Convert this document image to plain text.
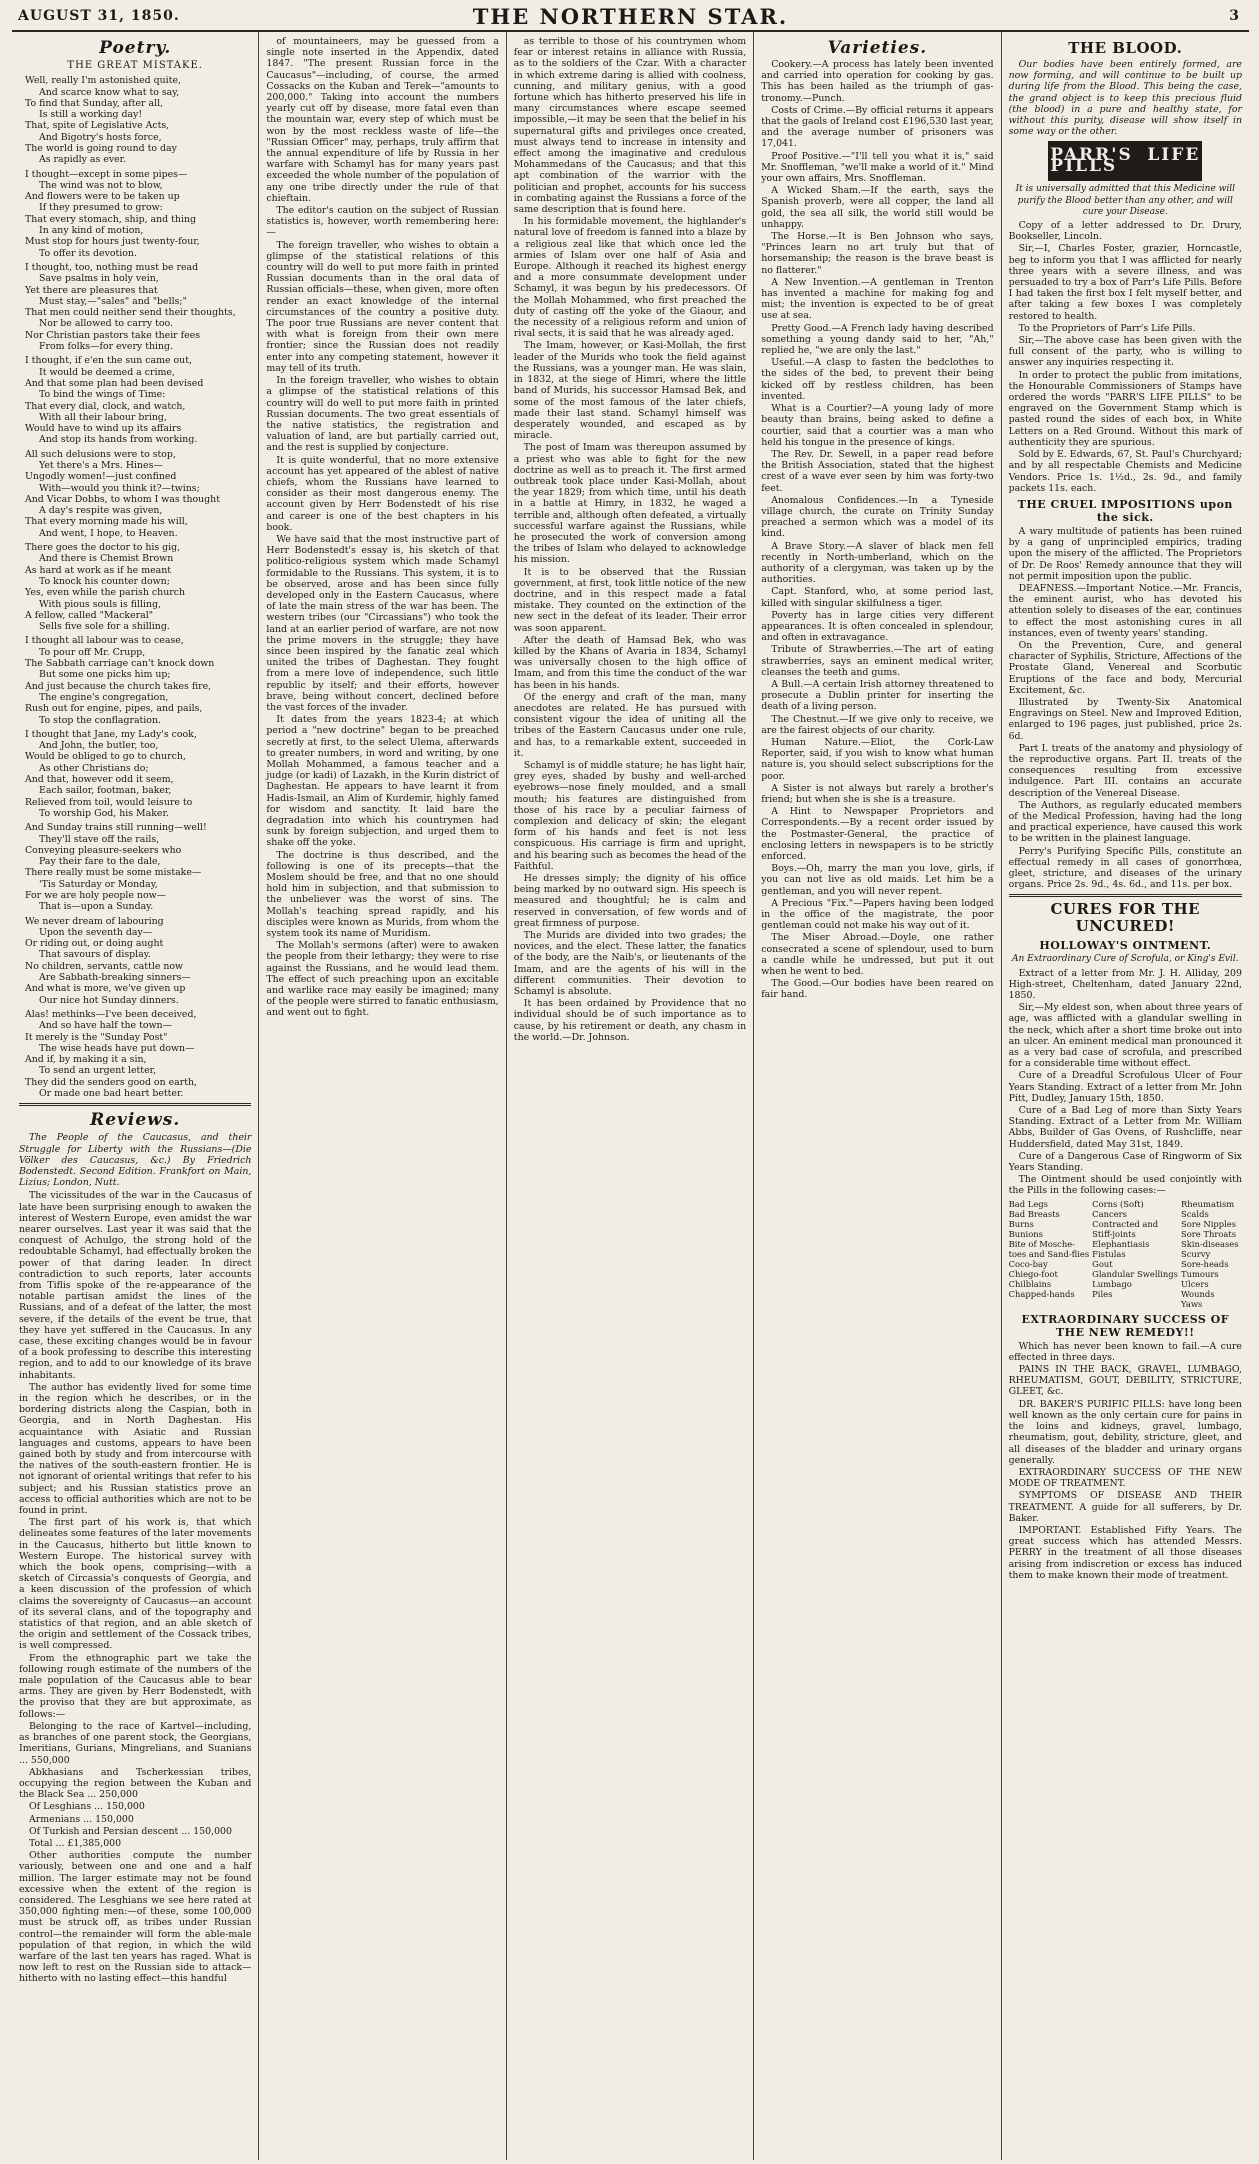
AUGUST 31, 1850.	THE NORTHERN STAR.	3
Poetry.
THE GREAT MISTAKE.
Well, really I'm astonished quite,
And scarce know what to say,
To find that Sunday, after all,
Is still a working day!
That, spite of Legislative Acts,
And Bigotry's hosts force,
The world is going round to day
As rapidly as ever.
I thought—except in some pipes—
The wind was not to blow,
And flowers were to be taken up
If they presumed to grow:
That every stomach, ship, and thing
In any kind of motion,
Must stop for hours just twenty-four,
To offer its devotion.
I thought, too, nothing must be read
Save psalms in holy vein,
Yet there are pleasures that
Must stay,—"sales" and "bells;"
That men could neither send their thoughts,
Nor be allowed to carry too.
Nor Christian pastors take their fees
From folks—for every thing.
I thought, if e'en the sun came out,
It would be deemed a crime,
And that some plan had been devised
To bind the wings of Time:
That every dial, clock, and watch,
With all their labour bring,
Would have to wind up its affairs
And stop its hands from working.
All such delusions were to stop,
Yet there's a Mrs. Hines—
Ungodly women!—just confined
With—would you think it?—twins;
And Vicar Dobbs, to whom I was thought
A day's respite was given,
That every morning made his will,
And went, I hope, to Heaven.
There goes the doctor to his gig,
And there is Chemist Brown
As hard at work as if he meant
To knock his counter down;
Yes, even while the parish church
With pious souls is filling,
A fellow, called "Mackeral"
Sells five sole for a shilling.
I thought all labour was to cease,
To pour off Mr. Crupp,
The Sabbath carriage can't knock down
But some one picks him up;
And just because the church takes fire,
The engine's congregation,
Rush out for engine, pipes, and pails,
To stop the conflagration.
I thought that Jane, my Lady's cook,
And John, the butler, too,
Would be obliged to go to church,
As other Christians do;
And that, however odd it seem,
Each sailor, footman, baker,
Relieved from toil, would leisure to
To worship God, his Maker.
And Sunday trains still running—well!
They'll stave off the rails,
Conveying pleasure-seekers who
Pay their fare to the dale,
There really must be some mistake—
'Tis Saturday or Monday,
For we are holy people now—
That is—upon a Sunday.
We never dream of labouring
Upon the seventh day—
Or riding out, or doing aught
That savours of display.
No children, servants, cattle now
Are Sabbath-breaking sinners—
And what is more, we've given up
Our nice hot Sunday dinners.
Alas! methinks—I've been deceived,
And so have half the town—
It merely is the "Sunday Post"
The wise heads have put down—
And if, by making it a sin,
To send an urgent letter,
They did the senders good on earth,
Or made one bad heart better.
Reviews.

The People of the Caucasus, and their Struggle for Liberty with the Russians—(Die Völker des Caucasus, &c.) By Friedrich Bodenstedt. Second Edition. Frankfort on Main, Lizius; London, Nutt.

The vicissitudes of the war in the Caucasus of late have been surprising enough to awaken the interest of Western Europe, even amidst the war nearer ourselves. Last year it was said that the conquest of Achulgo, the strong hold of the redoubtable Schamyl, had effectually broken the power of that daring leader. In direct contradiction to such reports, later accounts from Tiflis spoke of the re-appearance of the notable partisan amidst the lines of the Russians, and of a defeat of the latter, the most severe, if the details of the event be true, that they have yet suffered in the Caucasus. In any case, these exciting changes would be in favour of a book professing to describe this interesting region, and to add to our knowledge of its brave inhabitants.

The author has evidently lived for some time in the region which he describes, or in the bordering districts along the Caspian, both in Georgia, and in North Daghestan. His acquaintance with Asiatic and Russian languages and customs, appears to have been gained both by study and from intercourse with the natives of the south-eastern frontier. He is not ignorant of oriental writings that refer to his subject; and his Russian statistics prove an access to official authorities which are not to be found in print.

The first part of his work is, that which delineates some features of the later movements in the Caucasus, hitherto but little known to Western Europe. The historical survey with which the book opens, comprising—with a sketch of Circassia's conquests of Georgia, and a keen discussion of the profession of which claims the sovereignty of Caucasus—an account of its several clans, and of the topography and statistics of that region, and an able sketch of the origin and settlement of the Cossack tribes, is well compressed.

From the ethnographic part we take the following rough estimate of the numbers of the male population of the Caucasus able to bear arms. They are given by Herr Bodenstedt, with the proviso that they are but approximate, as follows:—

Belonging to the race of Kartvel—including, as branches of one parent stock, the Georgians, Imeritians, Gurians, Mingrelians, and Suanians ... 550,000

Abkhasians and Tscherkessian tribes, occupying the region between the Kuban and the Black Sea ... 250,000

Of Lesghians ... 150,000

Armenians ... 150,000

Of Turkish and Persian descent ... 150,000

Total ... £1,385,000

Other authorities compute the number variously, between one and one and a half million. The larger estimate may not be found excessive when the extent of the region is considered. The Lesghians we see here rated at 350,000 fighting men:—of these, some 100,000 must be struck off, as tribes under Russian control—the remainder will form the able-male population of that region, in which the wild warfare of the last ten years has raged. What is now left to rest on the Russian side to attack—hitherto with no lasting effect—this handful

of mountaineers, may be guessed from a single note inserted in the Appendix, dated 1847. "The present Russian force in the Caucasus"—including, of course, the armed Cossacks on the Kuban and Terek—"amounts to 200,000." Taking into account the numbers yearly cut off by disease, more fatal even than the mountain war, every step of which must be won by the most reckless waste of life—the "Russian Officer" may, perhaps, truly affirm that the annual expenditure of life by Russia in her warfare with Schamyl has for many years past exceeded the whole number of the population of any one tribe directly under the rule of that chieftain.

The editor's caution on the subject of Russian statistics is, however, worth remembering here:—

The foreign traveller, who wishes to obtain a glimpse of the statistical relations of this country will do well to put more faith in printed Russian documents than in the oral data of Russian officials—these, when given, more often render an exact knowledge of the internal circumstances of the country a positive duty. The poor true Russians are never content that with what is foreign from their own mere frontier; since the Russian does not readily enter into any competing statement, however it may tell of its truth.

In the foreign traveller, who wishes to obtain a glimpse of the statistical relations of this country will do well to put more faith in printed Russian documents. The two great essentials of the native statistics, the registration and valuation of land, are but partially carried out, and the rest is supplied by conjecture.

It is quite wonderful, that no more extensive account has yet appeared of the ablest of native chiefs, whom the Russians have learned to consider as their most dangerous enemy. The account given by Herr Bodenstedt of his rise and career is one of the best chapters in his book.

We have said that the most instructive part of Herr Bodenstedt's essay is, his sketch of that politico-religious system which made Schamyl formidable to the Russians. This system, it is to be observed, arose and has been since fully developed only in the Eastern Caucasus, where of late the main stress of the war has been. The western tribes (our "Circassians") who took the land at an earlier period of warfare, are not now the prime movers in the struggle; they have since been inspired by the fanatic zeal which united the tribes of Daghestan. They fought from a mere love of independence, such little republic by itself; and their efforts, however brave, being without concert, declined before the vast forces of the invader.

It dates from the years 1823-4; at which period a "new doctrine" began to be preached secretly at first, to the select Ulema, afterwards to greater numbers, in word and writing, by one Mollah Mohammed, a famous teacher and a judge (or kadi) of Lazakh, in the Kurin district of Daghestan. He appears to have learnt it from Hadis-Ismail, an Alim of Kurdemir, highly famed for wisdom and sanctity. It laid bare the degradation into which his countrymen had sunk by foreign subjection, and urged them to shake off the yoke.

The doctrine is thus described, and the following is one of its precepts—that the Moslem should be free, and that no one should hold him in subjection, and that submission to the unbeliever was the worst of sins. The Mollah's teaching spread rapidly, and his disciples were known as Murids, from whom the system took its name of Muridism.

The Mollah's sermons (after) were to awaken the people from their lethargy; they were to rise against the Russians, and he would lead them. The effect of such preaching upon an excitable and warlike race may easily be imagined; many of the people were stirred to fanatic enthusiasm, and went out to fight.

as terrible to those of his countrymen whom fear or interest retains in alliance with Russia, as to the soldiers of the Czar. With a character in which extreme daring is allied with coolness, cunning, and military genius, with a good fortune which has hitherto preserved his life in many circumstances where escape seemed impossible,—it may be seen that the belief in his supernatural gifts and privileges once created, must always tend to increase in intensity and effect among the imaginative and credulous Mohammedans of the Caucasus; and that this apt combination of the warrior with the politician and prophet, accounts for his success in combating against the Russians a force of the same description that is found here.

In his formidable movement, the highlander's natural love of freedom is fanned into a blaze by a religious zeal like that which once led the armies of Islam over one half of Asia and Europe. Although it reached its highest energy and a more consummate development under Schamyl, it was begun by his predecessors. Of the Mollah Mohammed, who first preached the duty of casting off the yoke of the Giaour, and the necessity of a religious reform and union of rival sects, it is said that he was already aged.

The Imam, however, or Kasi-Mollah, the first leader of the Murids who took the field against the Russians, was a younger man. He was slain, in 1832, at the siege of Himri, where the little band of Murids, his successor Hamsad Bek, and some of the most famous of the later chiefs, made their last stand. Schamyl himself was desperately wounded, and escaped as by miracle.

The post of Imam was thereupon assumed by a priest who was able to fight for the new doctrine as well as to preach it. The first armed outbreak took place under Kasi-Mollah, about the year 1829; from which time, until his death in a battle at Himry, in 1832, he waged a terrible and, although often defeated, a virtually successful warfare against the Russians, while he prosecuted the work of conversion among the tribes of Islam who delayed to acknowledge his mission.

It is to be observed that the Russian government, at first, took little notice of the new doctrine, and in this respect made a fatal mistake. They counted on the extinction of the new sect in the defeat of its leader. Their error was soon apparent.

After the death of Hamsad Bek, who was killed by the Khans of Avaria in 1834, Schamyl was universally chosen to the high office of Imam, and from this time the conduct of the war has been in his hands.

Of the energy and craft of the man, many anecdotes are related. He has pursued with consistent vigour the idea of uniting all the tribes of the Eastern Caucasus under one rule, and has, to a remarkable extent, succeeded in it.

Schamyl is of middle stature; he has light hair, grey eyes, shaded by bushy and well-arched eyebrows—nose finely moulded, and a small mouth; his features are distinguished from those of his race by a peculiar fairness of complexion and delicacy of skin; the elegant form of his hands and feet is not less conspicuous. His carriage is firm and upright, and his bearing such as becomes the head of the Faithful.

He dresses simply; the dignity of his office being marked by no outward sign. His speech is measured and thoughtful; he is calm and reserved in conversation, of few words and of great firmness of purpose.

The Murids are divided into two grades; the novices, and the elect. These latter, the fanatics of the body, are the Naib's, or lieutenants of the Imam, and are the agents of his will in the different communities. Their devotion to Schamyl is absolute.

It has been ordained by Providence that no individual should be of such importance as to cause, by his retirement or death, any chasm in the world.—Dr. Johnson.

Varieties.

Cookery.—A process has lately been invented and carried into operation for cooking by gas. This has been hailed as the triumph of gas-tronomy.—Punch.

Costs of Crime.—By official returns it appears that the gaols of Ireland cost £196,530 last year, and the average number of prisoners was 17,041.

Proof Positive.—"I'll tell you what it is," said Mr. Snoffleman, "we'll make a world of it." Mind your own affairs, Mrs. Snoffleman.

A Wicked Sham.—If the earth, says the Spanish proverb, were all copper, the land all gold, the sea all silk, the world still would be unhappy.

The Horse.—It is Ben Johnson who says, "Princes learn no art truly but that of horsemanship; the reason is the brave beast is no flatterer."

A New Invention.—A gentleman in Trenton has invented a machine for making fog and mist; the invention is expected to be of great use at sea.

Pretty Good.—A French lady having described something a young dandy said to her, "Ah," replied he, "we are only the last."

Useful.—A clasp to fasten the bedclothes to the sides of the bed, to prevent their being kicked off by restless children, has been invented.

What is a Courtier?—A young lady of more beauty than brains, being asked to define a courtier, said that a courtier was a man who held his tongue in the presence of kings.

The Rev. Dr. Sewell, in a paper read before the British Association, stated that the highest crest of a wave ever seen by him was forty-two feet.

Anomalous Confidences.—In a Tyneside village church, the curate on Trinity Sunday preached a sermon which was a model of its kind.

A Brave Story.—A slaver of black men fell recently in North-umberland, which on the authority of a clergyman, was taken up by the authorities.

Capt. Stanford, who, at some period last, killed with singular skilfulness a tiger.

Poverty has in large cities very different appearances. It is often concealed in splendour, and often in extravagance.

Tribute of Strawberries.—The art of eating strawberries, says an eminent medical writer, cleanses the teeth and gums.

A Bull.—A certain Irish attorney threatened to prosecute a Dublin printer for inserting the death of a living person.

The Chestnut.—If we give only to receive, we are the fairest objects of our charity.

Human Nature.—Eliot, the Cork-Law Reporter, said, if you wish to know what human nature is, you should select subscriptions for the poor.

A Sister is not always but rarely a brother's friend; but when she is she is a treasure.

A Hint to Newspaper Proprietors and Correspondents.—By a recent order issued by the Postmaster-General, the practice of enclosing letters in newspapers is to be strictly enforced.

Boys.—Oh, marry the man you love, girls, if you can not live as old maids. Let him be a gentleman, and you will never repent.

A Precious "Fix."—Papers having been lodged in the office of the magistrate, the poor gentleman could not make his way out of it.

The Miser Abroad.—Doyle, one rather consecrated a scene of splendour, used to burn a candle while he undressed, but put it out when he went to bed.

The Good.—Our bodies have been reared on fair hand.

THE BLOOD.

Our bodies have been entirely formed, are now forming, and will continue to be built up during life from the Blood. This being the case, the grand object is to keep this precious fluid (the blood) in a pure and healthy state, for without this purity, disease will show itself in some way or the other.

PARR'S LIFE PILLS
It is universally admitted that this Medicine will purify the Blood better than any other, and will cure your Disease.

Copy of a letter addressed to Dr. Drury, Bookseller, Lincoln.

Sir,—I, Charles Foster, grazier, Horncastle, beg to inform you that I was afflicted for nearly three years with a severe illness, and was persuaded to try a box of Parr's Life Pills. Before I had taken the first box I felt myself better, and after taking a few boxes I was completely restored to health.

To the Proprietors of Parr's Life Pills.

Sir,—The above case has been given with the full consent of the party, who is willing to answer any inquiries respecting it.

In order to protect the public from imitations, the Honourable Commissioners of Stamps have ordered the words "PARR'S LIFE PILLS" to be engraved on the Government Stamp which is pasted round the sides of each box, in White Letters on a Red Ground. Without this mark of authenticity they are spurious.

Sold by E. Edwards, 67, St. Paul's Churchyard; and by all respectable Chemists and Medicine Vendors. Price 1s. 1½d., 2s. 9d., and family packets 11s. each.

THE CRUEL IMPOSITIONS upon the sick.

A wary multitude of patients has been ruined by a gang of unprincipled empirics, trading upon the misery of the afflicted. The Proprietors of Dr. De Roos' Remedy announce that they will not permit imposition upon the public.

DEAFNESS.—Important Notice.—Mr. Francis, the eminent aurist, who has devoted his attention solely to diseases of the ear, continues to effect the most astonishing cures in all instances, even of twenty years' standing.

On the Prevention, Cure, and general character of Syphilis, Stricture, Affections of the Prostate Gland, Venereal and Scorbutic Eruptions of the face and body, Mercurial Excitement, &c.

Illustrated by Twenty-Six Anatomical Engravings on Steel. New and Improved Edition, enlarged to 196 pages, just published, price 2s. 6d.

Part I. treats of the anatomy and physiology of the reproductive organs. Part II. treats of the consequences resulting from excessive indulgence. Part III. contains an accurate description of the Venereal Disease.

The Authors, as regularly educated members of the Medical Profession, having had the long and practical experience, have caused this work to be written in the plainest language.

Perry's Purifying Specific Pills, constitute an effectual remedy in all cases of gonorrhœa, gleet, stricture, and diseases of the urinary organs. Price 2s. 9d., 4s. 6d., and 11s. per box.

CURES FOR THE UNCURED!
HOLLOWAY'S OINTMENT.
An Extraordinary Cure of Scrofula, or King's Evil.

Extract of a letter from Mr. J. H. Alliday, 209 High-street, Cheltenham, dated January 22nd, 1850.

Sir,—My eldest son, when about three years of age, was afflicted with a glandular swelling in the neck, which after a short time broke out into an ulcer. An eminent medical man pronounced it as a very bad case of scrofula, and prescribed for a considerable time without effect.

Cure of a Dreadful Scrofulous Ulcer of Four Years Standing. Extract of a letter from Mr. John Pitt, Dudley, January 15th, 1850.

Cure of a Bad Leg of more than Sixty Years Standing. Extract of a Letter from Mr. William Abbs, Builder of Gas Ovens, of Rushcliffe, near Huddersfield, dated May 31st, 1849.

Cure of a Dangerous Case of Ringworm of Six Years Standing.

The Ointment should be used conjointly with the Pills in the following cases:—

Bad Legs	Corns (Soft)	Rheumatism
Bad Breasts	Cancers	Scalds
Burns	Contracted and	Sore Nipples
Bunions	Stiff-joints	Sore Throats
Bite of Mosche-	Elephantiasis	Skin-diseases
toes and Sand-flies Fistulas	Scurvy
Coco-bay	Gout	Sore-heads
Chiego-foot	Glandular Swellings Tumours
Chilblains	Lumbago	Ulcers
Chapped-hands	Piles	Wounds
Yaws
EXTRAORDINARY SUCCESS OF THE NEW REMEDY!!

Which has never been known to fail.—A cure effected in three days.

PAINS IN THE BACK, GRAVEL, LUMBAGO, RHEUMATISM, GOUT, DEBILITY, STRICTURE, GLEET, &c.

DR. BAKER'S PURIFIC PILLS: have long been well known as the only certain cure for pains in the loins and kidneys, gravel, lumbago, rheumatism, gout, debility, stricture, gleet, and all diseases of the bladder and urinary organs generally.

EXTRAORDINARY SUCCESS OF THE NEW MODE OF TREATMENT.

SYMPTOMS OF DISEASE AND THEIR TREATMENT. A guide for all sufferers, by Dr. Baker.

IMPORTANT. Established Fifty Years. The great success which has attended Messrs. PERRY in the treatment of all those diseases arising from indiscretion or excess has induced them to make known their mode of treatment.
